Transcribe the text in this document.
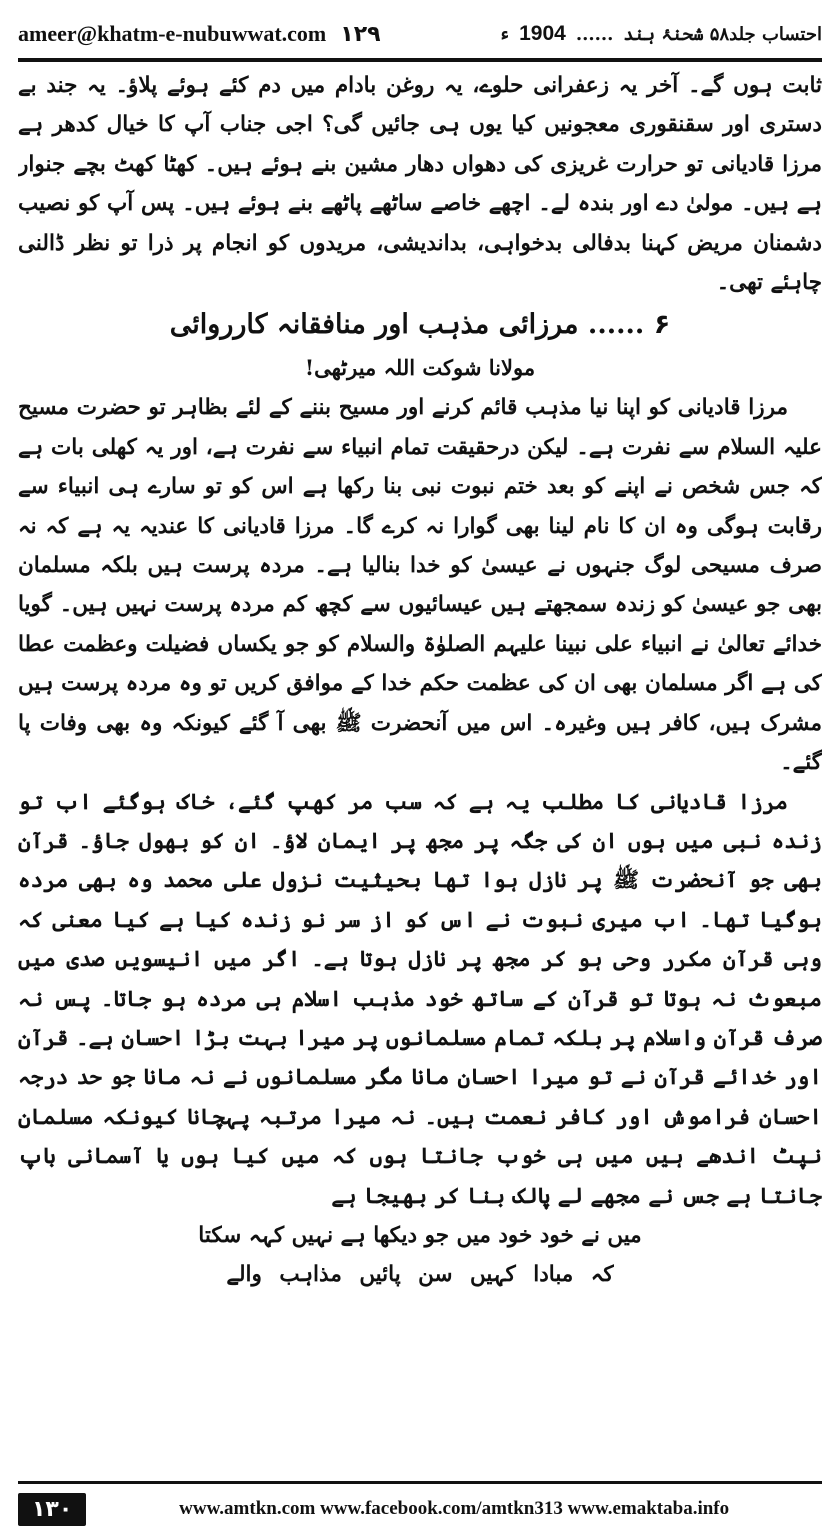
ameer@khatm-e-nubuwwat.com ۱۲۹	احتساب جلد۵۸ شحنۂ ہند
......
1904
ء

ثابت ہوں گے۔ آخر یہ زعفرانی حلوے، یہ روغن بادام میں دم کئے ہوئے پلاؤ۔ یہ جند بے دستری اور سقنقوری معجونیں کیا یوں ہی جائیں گی؟ اجی جناب آپ کا خیال کدھر ہے مرزا قادیانی تو حرارت غریزی کی دھواں دھار مشین بنے ہوئے ہیں۔ کھٹا کھٹ بچے جنوار ہے ہیں۔ مولیٰ دے اور بندہ لے۔ اچھے خاصے ساٹھے پاٹھے بنے ہوئے ہیں۔ پس آپ کو نصیب دشمنان مریض کہنا بدفالی بدخواہی، بداندیشی، مریدوں کو انجام پر ذرا تو نظر ڈالنی چاہئے تھی۔

۶ ...... مرزائی مذہب اور منافقانہ کارروائی

مولانا شوکت اللہ میرٹھی!

مرزا قادیانی کو اپنا نیا مذہب قائم کرنے اور مسیح بننے کے لئے بظاہر تو حضرت مسیح علیہ السلام سے نفرت ہے۔ لیکن درحقیقت تمام انبیاء سے نفرت ہے، اور یہ کھلی بات ہے کہ جس شخص نے اپنے کو بعد ختم نبوت نبی بنا رکھا ہے اس کو تو سارے ہی انبیاء سے رقابت ہوگی وہ ان کا نام لینا بھی گوارا نہ کرے گا۔ مرزا قادیانی کا عندیہ یہ ہے کہ نہ صرف مسیحی لوگ جنہوں نے عیسیٰ کو خدا بنالیا ہے۔ مردہ پرست ہیں بلکہ مسلمان بھی جو عیسیٰ کو زندہ سمجھتے ہیں عیسائیوں سے کچھ کم مردہ پرست نہیں ہیں۔ گویا خدائے تعالیٰ نے انبیاء علی نبینا علیہم الصلوٰۃ والسلام کو جو یکساں فضیلت وعظمت عطا کی ہے اگر مسلمان بھی ان کی عظمت حکم خدا کے موافق کریں تو وہ مردہ پرست ہیں مشرک ہیں، کافر ہیں وغیرہ۔ اس میں آنحضرت ﷺ بھی آ گئے کیونکہ وہ بھی وفات پا گئے۔

مرزا قادیانی کا مطلب یہ ہے کہ سب مر کھپ گئے، خاک ہوگئے اب تو زندہ نبی میں ہوں ان کی جگہ پر مجھ پر ایمان لاؤ۔ ان کو بھول جاؤ۔ قرآن بھی جو آنحضرت ﷺ پر نازل ہوا تھا بحیثیت نزول علی محمد وہ بھی مردہ ہوگیا تھا۔ اب میری نبوت نے اس کو از سر نو زندہ کیا ہے کیا معنی کہ وہی قرآن مکرر وحی ہو کر مجھ پر نازل ہوتا ہے۔ اگر میں انیسویں صدی میں مبعوث نہ ہوتا تو قرآن کے ساتھ خود مذہب اسلام ہی مردہ ہو جاتا۔ پس نہ صرف قرآن واسلام پر بلکہ تمام مسلمانوں پر میرا بہت بڑا احسان ہے۔ قرآن اور خدائے قرآن نے تو میرا احسان مانا مگر مسلمانوں نے نہ مانا جو حد درجہ احسان فراموش اور کافر نعمت ہیں۔ نہ میرا مرتبہ پہچانا کیونکہ مسلمان نپٹ اندھے ہیں میں ہی خوب جانتا ہوں کہ میں کیا ہوں یا آسمانی باپ جانتا ہے جس نے مجھے لے پالک بنا کر بھیجا ہے

میں نے خود خود میں جو دیکھا ہے نہیں کہہ سکتا

کہ مبادا کہیں سن پائیں مذاہب والے

۱۳۰	www.amtkn.com www.facebook.com/amtkn313 www.emaktaba.info
